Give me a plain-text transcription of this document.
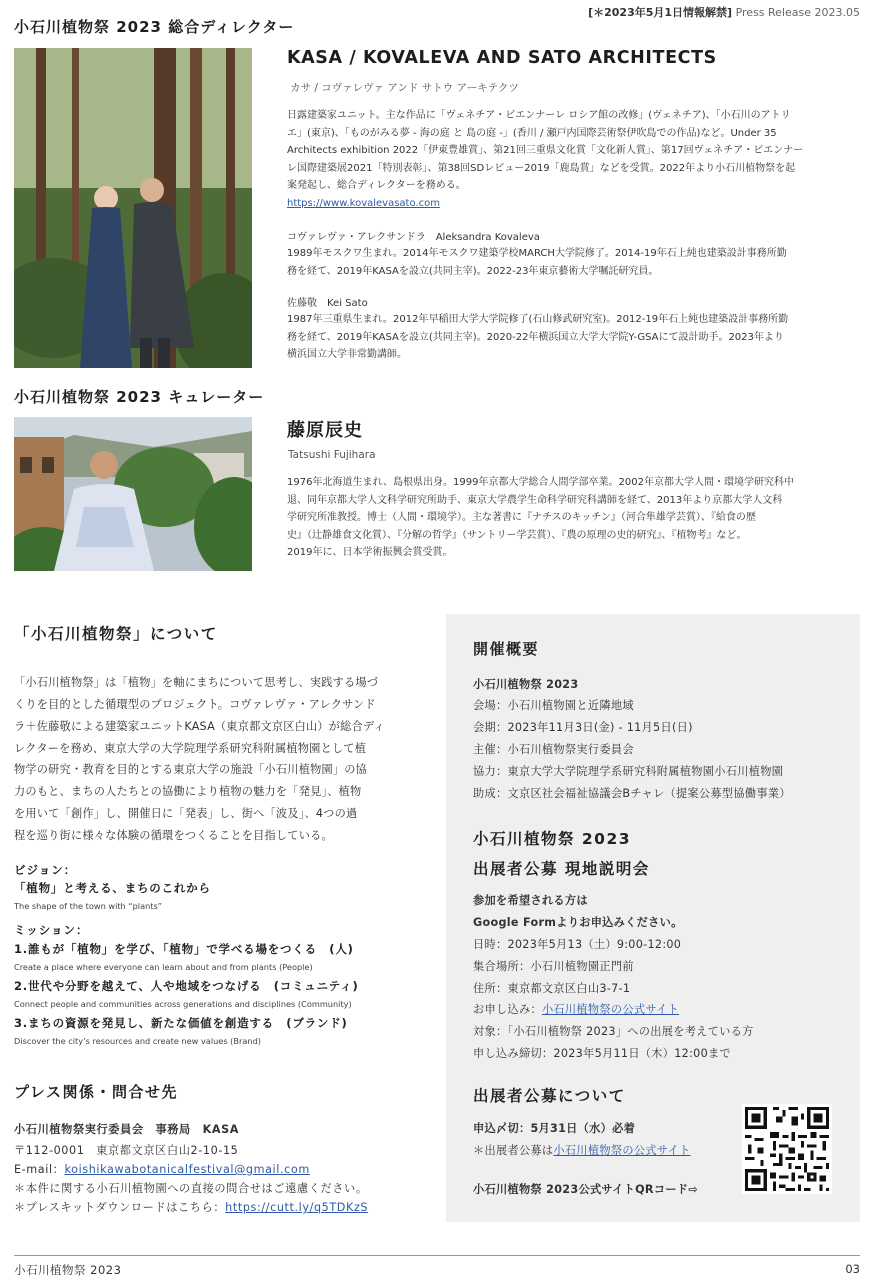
[＊2023年5月1日情報解禁] Press Release 2023.05
小石川植物祭 2023 総合ディレクター
KASA / KOVALEVA AND SATO ARCHITECTS
カサ / コヴァレヴァ アンド サトウ アーキテクツ
日露建築家ユニット。主な作品に「ヴェネチア・ビエンナーレ ロシア館の改修」(ヴェネチア)、「小石川のアトリ
エ」(東京)、「ものがみる夢 - 海の庭 と 島の庭 -」(香川 / 瀬戸内国際芸術祭伊吹島での作品)など。Under 35
Architects exhibition 2022「伊東豊雄賞」、第21回三重県文化賞「文化新人賞」、第17回ヴェネチア・ビエンナー
レ国際建築展2021「特別表彰」、第38回SDレビュー2019「鹿島賞」などを受賞。2022年より小石川植物祭を起
案発起し、総合ディレクターを務める。
https://www.kovalevasato.com
コヴァレヴァ・アレクサンドラ　Aleksandra Kovaleva
1989年モスクワ生まれ。2014年モスクワ建築学校MARCH大学院修了。2014-19年石上純也建築設計事務所勤
務を経て、2019年KASAを設立(共同主宰)。2022-23年東京藝術大学嘱託研究員。
佐藤敬　Kei Sato
1987年三重県生まれ。2012年早稲田大学大学院修了(石山修武研究室)。2012-19年石上純也建築設計事務所勤
務を経て、2019年KASAを設立(共同主宰)。2020-22年横浜国立大学大学院Y-GSAにて設計助手。2023年より
横浜国立大学非常勤講師。
小石川植物祭 2023 キュレーター
藤原辰史
Tatsushi Fujihara
1976年北海道生まれ、島根県出身。1999年京都大学総合人間学部卒業。2002年京都大学人間・環境学研究科中
退、同年京都大学人文科学研究所助手、東京大学農学生命科学研究科講師を経て、2013年より京都大学人文科
学研究所准教授。博士（人間・環境学）。主な著書に『ナチスのキッチン』（河合隼雄学芸賞）、『給食の歴
史』（辻静雄食文化賞）、『分解の哲学』（サントリー学芸賞）、『農の原理の史的研究』、『植物考』など。
2019年に、日本学術振興会賞受賞。
「小石川植物祭」について
「小石川植物祭」は「植物」を軸にまちについて思考し、実践する場づ
くりを目的とした循環型のプロジェクト。コヴァレヴァ・アレクサンド
ラ＋佐藤敬による建築家ユニットKASA（東京都文京区白山）が総合ディ
レクターを務め、東京大学の大学院理学系研究科附属植物園として植
物学の研究・教育を目的とする東京大学の施設「小石川植物園」の協
力のもと、まちの人たちとの協働により植物の魅力を「発見」、植物
を用いて「創作」し、開催日に「発表」し、街へ「波及」、4つの過
程を巡り街に様々な体験の循環をつくることを目指している。
ビジョン：
「植物」と考える、まちのこれから
The shape of the town with “plants”
ミッション：
1.誰もが「植物」を学び、「植物」で学べる場をつくる　(人)
Create a place where everyone can learn about and from plants (People)
2.世代や分野を越えて、人や地域をつなげる　(コミュニティ)
Connect people and communities across generations and disciplines (Community)
3.まちの資源を発見し、新たな価値を創造する　(ブランド)
Discover the city’s resources and create new values (Brand)
プレス関係・問合せ先
小石川植物祭実行委員会　事務局　KASA
〒112-0001　東京都文京区白山2-10-15
E-mail：koishikawabotanicalfestival@gmail.com
＊本件に関する小石川植物園への直接の問合せはご遠慮ください。
＊プレスキットダウンロードはこちら：https://cutt.ly/q5TDKzS
開催概要
小石川植物祭 2023
会場：小石川植物園と近隣地域
会期：2023年11月3日(金) - 11月5日(日)
主催：小石川植物祭実行委員会
協力：東京大学大学院理学系研究科附属植物園小石川植物園
助成：文京区社会福祉協議会Bチャレ（提案公募型協働事業）
小石川植物祭 2023
出展者公募 現地説明会
参加を希望される方は
Google Formよりお申込みください。
日時：2023年5月13（土）9:00-12:00
集合場所：小石川植物園正門前
住所：東京都文京区白山3-7-1
お申し込み：小石川植物祭の公式サイト
対象：「小石川植物祭 2023」への出展を考えている方
申し込み締切：2023年5月11日（木）12:00まで
出展者公募について
申込〆切：5月31日（水）必着
＊出展者公募は小石川植物祭の公式サイト
小石川植物祭 2023公式サイトQRコード⇨
小石川植物祭 2023	03
